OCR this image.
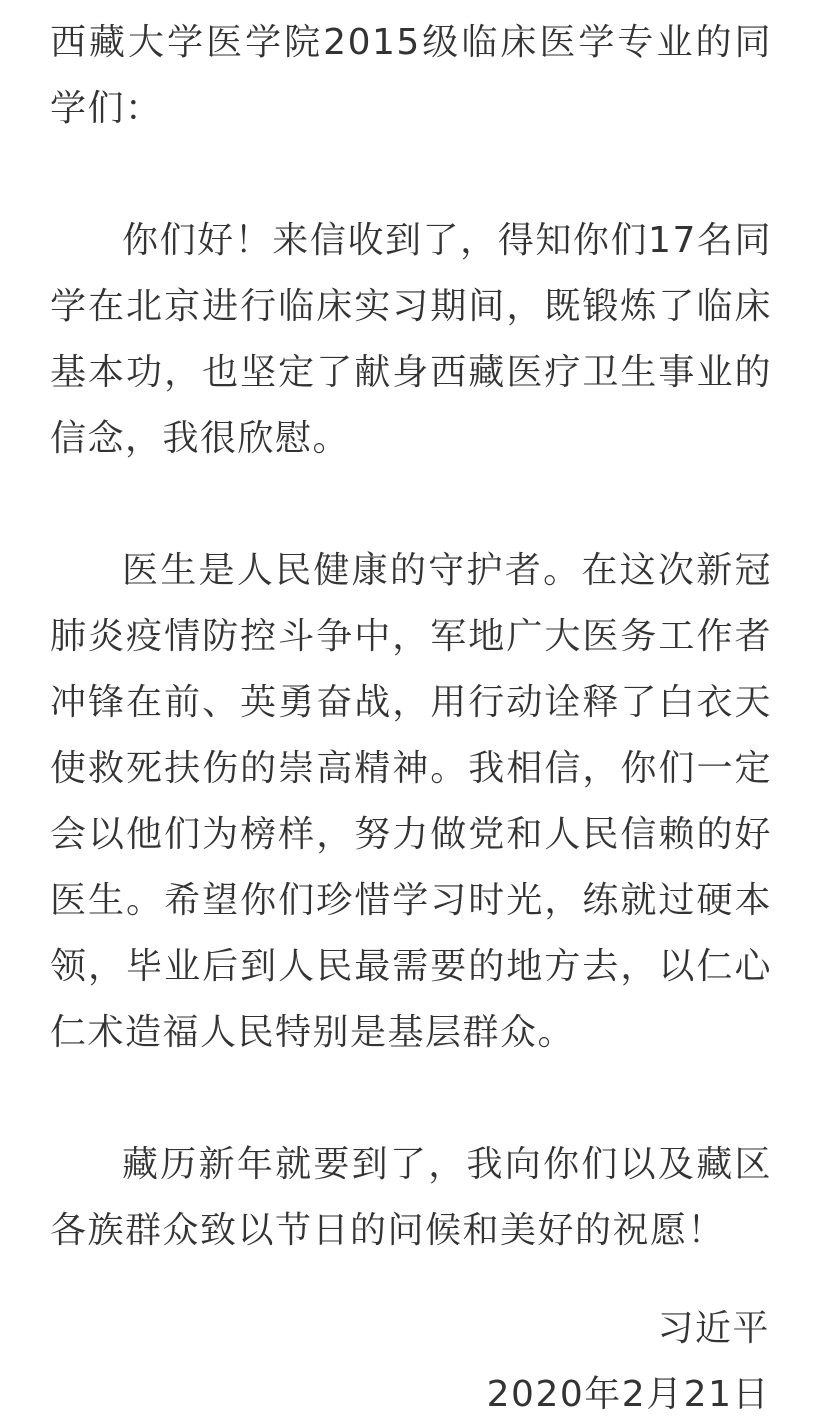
西藏大学医学院2015级临床医学专业的同学们：

你们好！来信收到了，得知你们17名同学在北京进行临床实习期间，既锻炼了临床基本功，也坚定了献身西藏医疗卫生事业的信念，我很欣慰。

医生是人民健康的守护者。在这次新冠肺炎疫情防控斗争中，军地广大医务工作者冲锋在前、英勇奋战，用行动诠释了白衣天使救死扶伤的崇高精神。我相信，你们一定会以他们为榜样，努力做党和人民信赖的好医生。希望你们珍惜学习时光，练就过硬本领，毕业后到人民最需要的地方去，以仁心仁术造福人民特别是基层群众。

藏历新年就要到了，我向你们以及藏区各族群众致以节日的问候和美好的祝愿！

习近平
2020年2月21日
